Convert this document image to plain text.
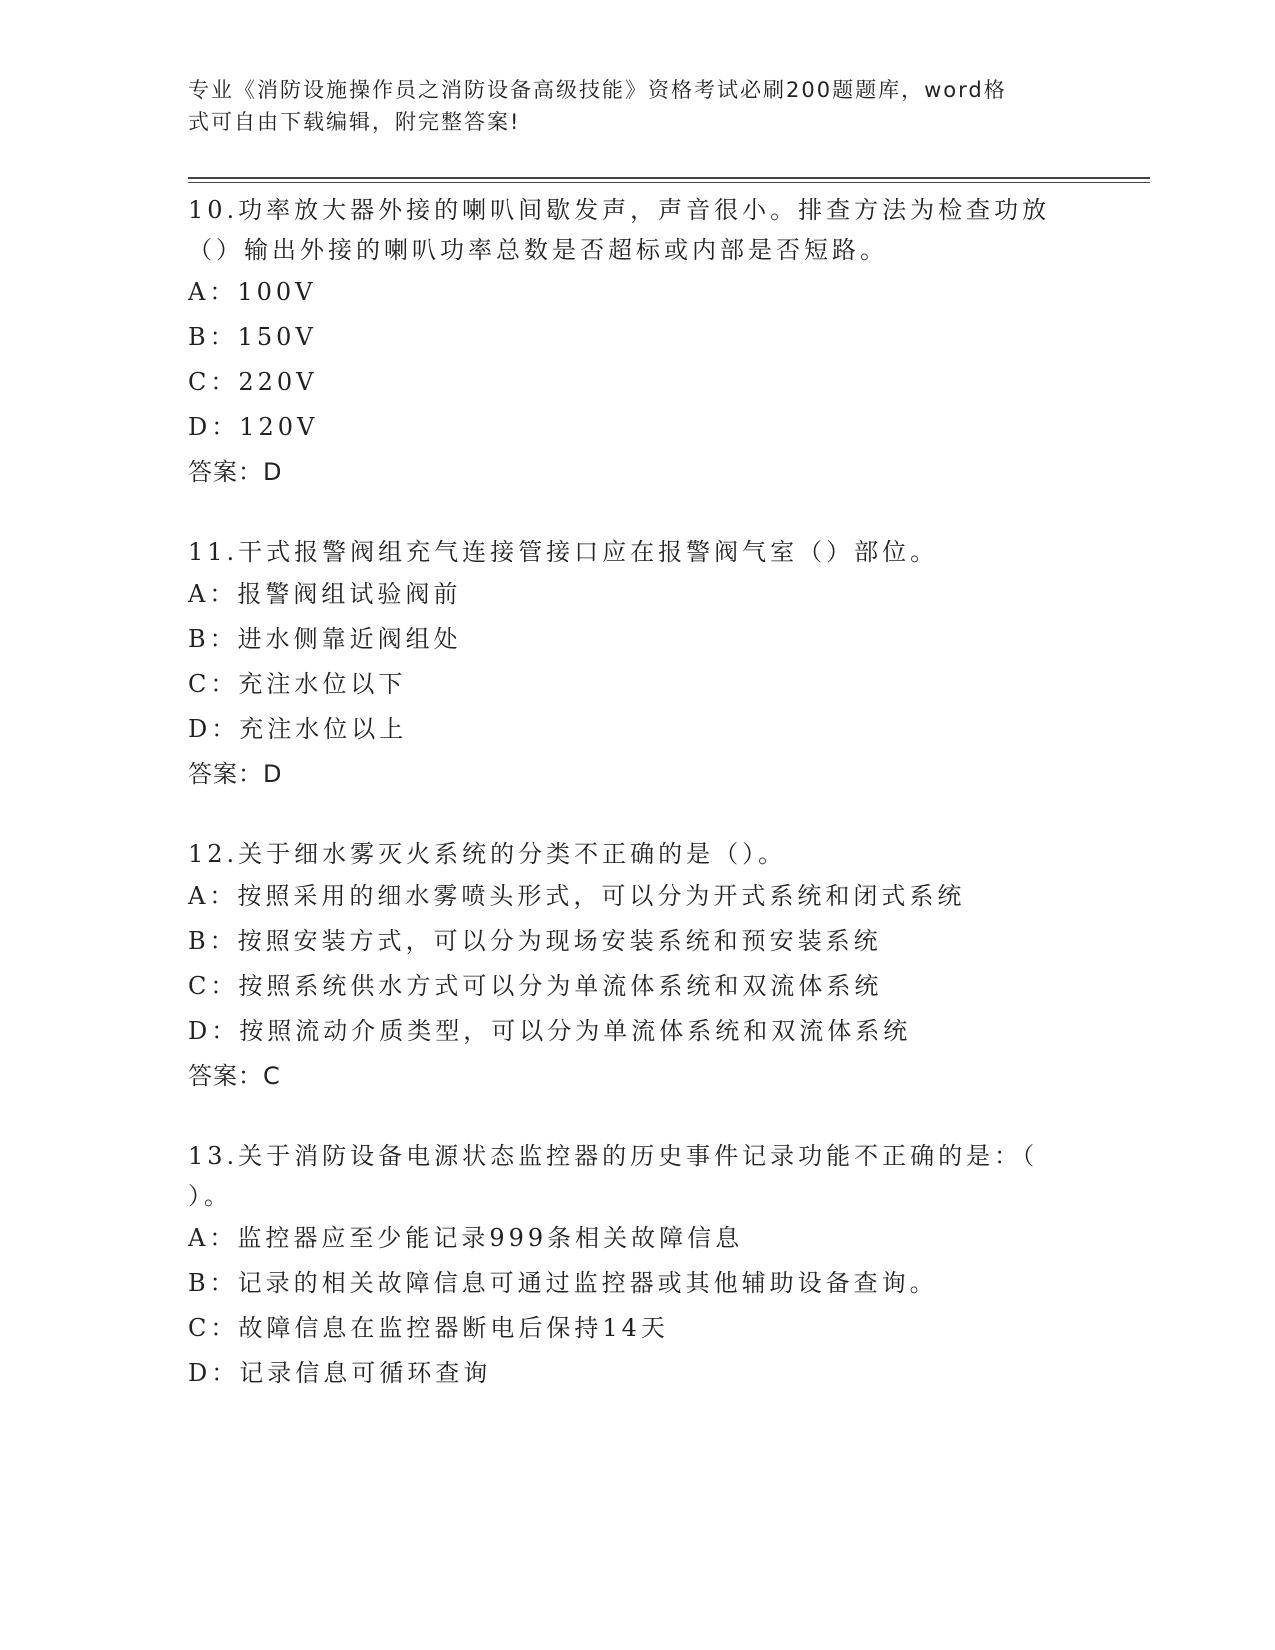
专业《消防设施操作员之消防设备高级技能》资格考试必刷200题题库，word格
式可自由下载编辑，附完整答案!
10.功率放大器外接的喇叭间歇发声，声音很小。排查方法为检查功放
（）输出外接的喇叭功率总数是否超标或内部是否短路。
A：100V
B：150V
C：220V
D：120V
答案：D
11.干式报警阀组充气连接管接口应在报警阀气室（）部位。
A：报警阀组试验阀前
B：进水侧靠近阀组处
C：充注水位以下
D：充注水位以上
答案：D
12.关于细水雾灭火系统的分类不正确的是（）。
A：按照采用的细水雾喷头形式，可以分为开式系统和闭式系统
B：按照安装方式，可以分为现场安装系统和预安装系统
C：按照系统供水方式可以分为单流体系统和双流体系统
D：按照流动介质类型，可以分为单流体系统和双流体系统
答案：C
13.关于消防设备电源状态监控器的历史事件记录功能不正确的是：（
）。
A：监控器应至少能记录999条相关故障信息
B：记录的相关故障信息可通过监控器或其他辅助设备查询。
C：故障信息在监控器断电后保持14天
D：记录信息可循环查询
